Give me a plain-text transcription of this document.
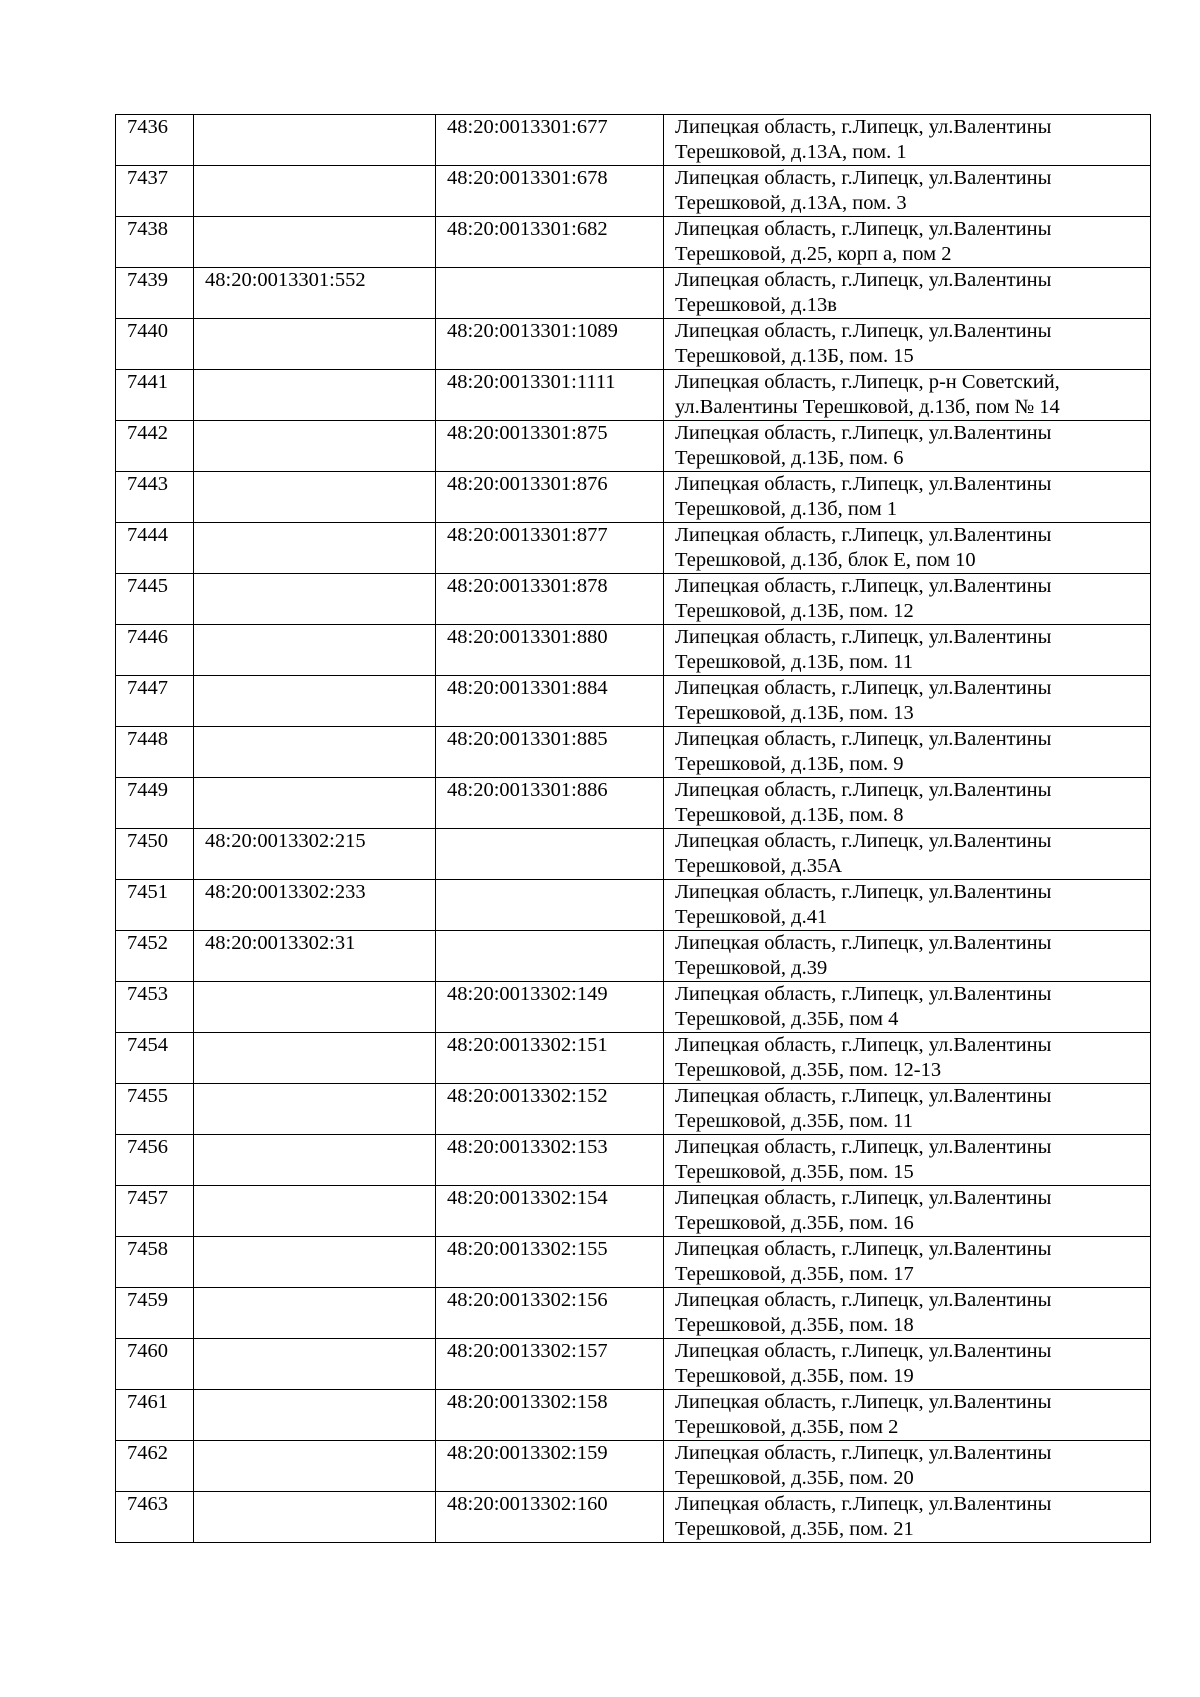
7436		48:20:0013301:677	Липецкая область, г.Липецк, ул.Валентины Терешковой, д.13А, пом. 1
7437		48:20:0013301:678	Липецкая область, г.Липецк, ул.Валентины Терешковой, д.13А, пом. 3
7438		48:20:0013301:682	Липецкая область, г.Липецк, ул.Валентины Терешковой, д.25, корп а, пом 2
7439	48:20:0013301:552		Липецкая область, г.Липецк, ул.Валентины Терешковой, д.13в
7440		48:20:0013301:1089	Липецкая область, г.Липецк, ул.Валентины Терешковой, д.13Б, пом. 15
7441		48:20:0013301:1111	Липецкая область, г.Липецк, р-н Советский, ул.Валентины Терешковой, д.13б, пом № 14
7442		48:20:0013301:875	Липецкая область, г.Липецк, ул.Валентины Терешковой, д.13Б, пом. 6
7443		48:20:0013301:876	Липецкая область, г.Липецк, ул.Валентины Терешковой, д.13б, пом 1
7444		48:20:0013301:877	Липецкая область, г.Липецк, ул.Валентины Терешковой, д.13б, блок Е, пом 10
7445		48:20:0013301:878	Липецкая область, г.Липецк, ул.Валентины Терешковой, д.13Б, пом. 12
7446		48:20:0013301:880	Липецкая область, г.Липецк, ул.Валентины Терешковой, д.13Б, пом. 11
7447		48:20:0013301:884	Липецкая область, г.Липецк, ул.Валентины Терешковой, д.13Б, пом. 13
7448		48:20:0013301:885	Липецкая область, г.Липецк, ул.Валентины Терешковой, д.13Б, пом. 9
7449		48:20:0013301:886	Липецкая область, г.Липецк, ул.Валентины Терешковой, д.13Б, пом. 8
7450	48:20:0013302:215		Липецкая область, г.Липецк, ул.Валентины Терешковой, д.35А
7451	48:20:0013302:233		Липецкая область, г.Липецк, ул.Валентины Терешковой, д.41
7452	48:20:0013302:31		Липецкая область, г.Липецк, ул.Валентины Терешковой, д.39
7453		48:20:0013302:149	Липецкая область, г.Липецк, ул.Валентины Терешковой, д.35Б, пом 4
7454		48:20:0013302:151	Липецкая область, г.Липецк, ул.Валентины Терешковой, д.35Б, пом. 12-13
7455		48:20:0013302:152	Липецкая область, г.Липецк, ул.Валентины Терешковой, д.35Б, пом. 11
7456		48:20:0013302:153	Липецкая область, г.Липецк, ул.Валентины Терешковой, д.35Б, пом. 15
7457		48:20:0013302:154	Липецкая область, г.Липецк, ул.Валентины Терешковой, д.35Б, пом. 16
7458		48:20:0013302:155	Липецкая область, г.Липецк, ул.Валентины Терешковой, д.35Б, пом. 17
7459		48:20:0013302:156	Липецкая область, г.Липецк, ул.Валентины Терешковой, д.35Б, пом. 18
7460		48:20:0013302:157	Липецкая область, г.Липецк, ул.Валентины Терешковой, д.35Б, пом. 19
7461		48:20:0013302:158	Липецкая область, г.Липецк, ул.Валентины Терешковой, д.35Б, пом 2
7462		48:20:0013302:159	Липецкая область, г.Липецк, ул.Валентины Терешковой, д.35Б, пом. 20
7463		48:20:0013302:160	Липецкая область, г.Липецк, ул.Валентины Терешковой, д.35Б, пом. 21
